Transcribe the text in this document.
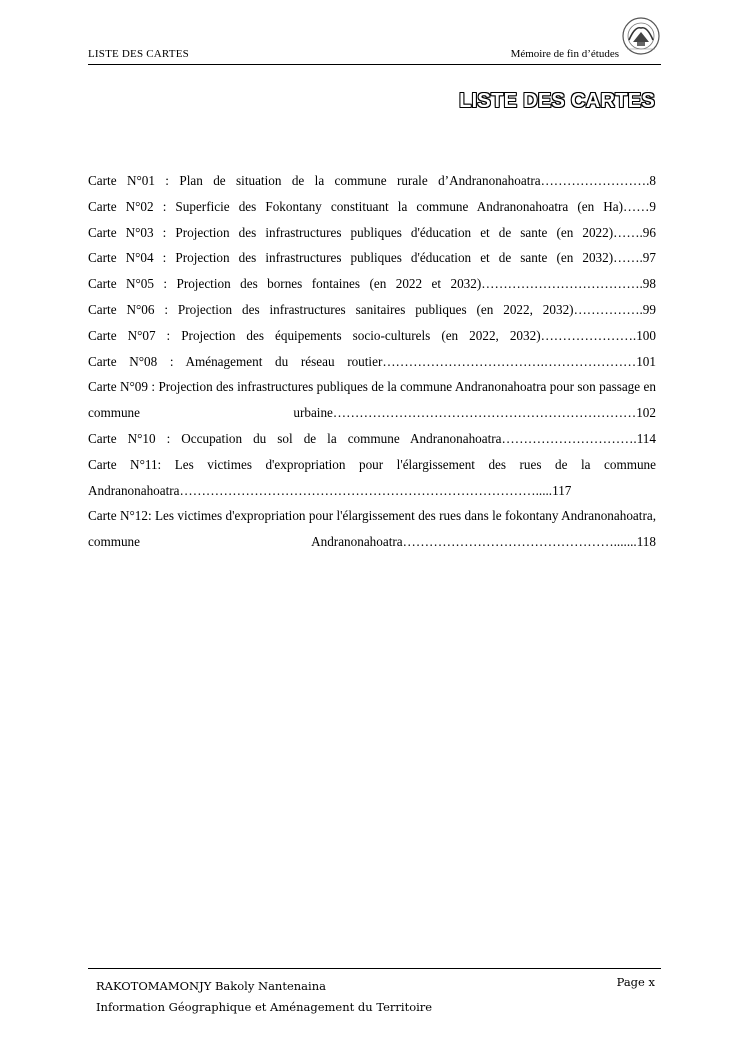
LISTE DES CARTES	Mémoire de fin d’études
LISTE DES CARTES

Carte N°01 : Plan de situation de la commune rurale d’Andranonahoatra…………………….8

Carte N°02 : Superficie des Fokontany constituant la commune Andranonahoatra (en Ha)……9

Carte N°03 : Projection des infrastructures publiques d'éducation et de sante (en 2022)…….96

Carte N°04 : Projection des infrastructures publiques d'éducation et de sante (en 2032)…….97

Carte N°05 : Projection des bornes fontaines (en 2022 et 2032)……………………………….98

Carte N°06 : Projection des infrastructures sanitaires publiques (en 2022, 2032)…………….99

Carte N°07 : Projection des équipements socio-culturels (en 2022, 2032)………………….100

Carte N°08 : Aménagement du réseau routier……………………………….…………………101

Carte N°09 : Projection des infrastructures publiques de la commune Andranonahoatra pour son passage en commune urbaine……………………………………………………………102

Carte N°10 : Occupation du sol de la commune Andranonahoatra………………………….114

Carte N°11: Les victimes d'expropriation pour l'élargissement des rues de la commune Andranonahoatra……………………………………………………………………….....117

Carte N°12: Les victimes d'expropriation pour l'élargissement des rues dans le fokontany Andranonahoatra, commune Andranonahoatra………………………………………….......118

RAKOTOMAMONJY Bakoly Nantenaina
Information Géographique et Aménagement du Territoire
Page x
